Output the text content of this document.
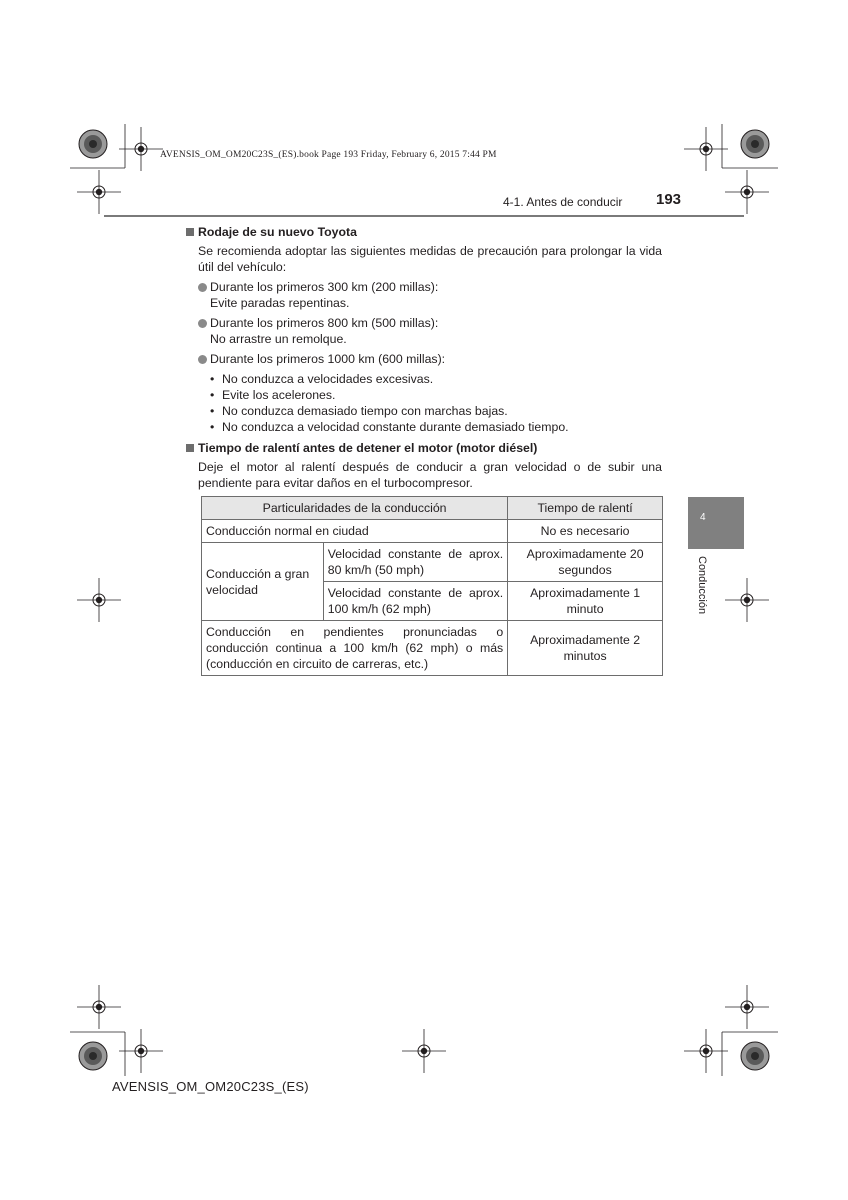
AVENSIS_OM_OM20C23S_(ES).book Page 193 Friday, February 6, 2015 7:44 PM
4-1. Antes de conducir 193
4
Conducción
Rodaje de su nuevo Toyota
Se recomienda adoptar las siguientes medidas de precaución para prolongar la vida útil del vehículo:
Durante los primeros 300 km (200 millas):
Evite paradas repentinas.
Durante los primeros 800 km (500 millas):
No arrastre un remolque.
Durante los primeros 1000 km (600 millas):
• No conduzca a velocidades excesivas.
• Evite los acelerones.
• No conduzca demasiado tiempo con marchas bajas.
• No conduzca a velocidad constante durante demasiado tiempo.
Tiempo de ralentí antes de detener el motor (motor diésel)
Deje el motor al ralentí después de conducir a gran velocidad o de subir una pendiente para evitar daños en el turbocompresor.
Particularidades de la conducción		Tiempo de ralentí
Conducción normal en ciudad		No es necesario
Conducción a gran velocidad	Velocidad constante de aprox. 80 km/h (50 mph)	Aproximadamente 20 segundos
	Velocidad constante de aprox. 100 km/h (62 mph)	Aproximadamente 1 minuto
Conducción en pendientes pronunciadas o conducción continua a 100 km/h (62 mph) o más (conducción en circuito de carreras, etc.)		Aproximadamente 2 minutos
AVENSIS_OM_OM20C23S_(ES)
